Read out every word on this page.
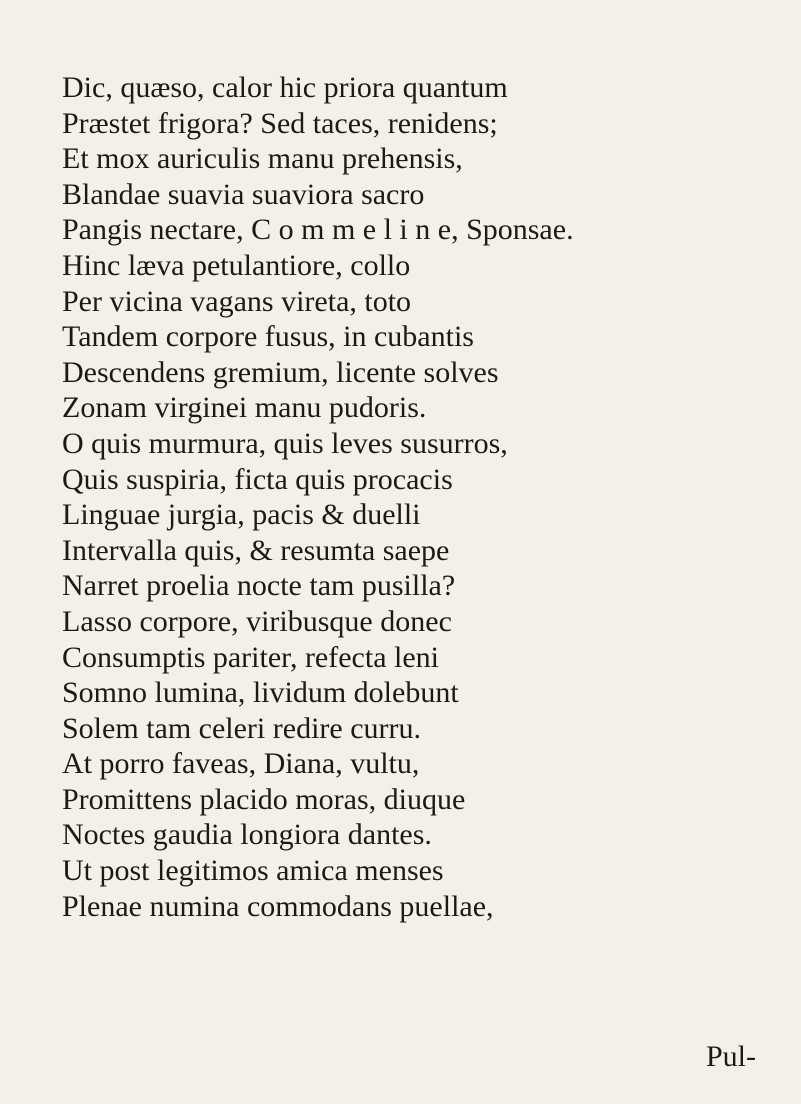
Dic, quæso, calor hic priora quantum
Præstet frigora? Sed taces, renidens;
Et mox auriculis manu prehensis,
Blandae suavia suaviora sacro
Pangis nectare, C o m m e l i n e, Sponsae.
Hinc læva petulantiore, collo
Per vicina vagans vireta, toto
Tandem corpore fusus, in cubantis
Descendens gremium, licente solves
Zonam virginei manu pudoris.
O quis murmura, quis leves susurros,
Quis suspiria, ficta quis procacis
Linguae jurgia, pacis & duelli
Intervalla quis, & resumta saepe
Narret proelia nocte tam pusilla?
Lasso corpore, viribusque donec
Consumptis pariter, refecta leni
Somno lumina, lividum dolebunt
Solem tam celeri redire curru.
At porro faveas, Diana, vultu,
Promittens placido moras, diuque
Noctes gaudia longiora dantes.
Ut post legitimos amica menses
Plenae numina commodans puellae,
Pul-
